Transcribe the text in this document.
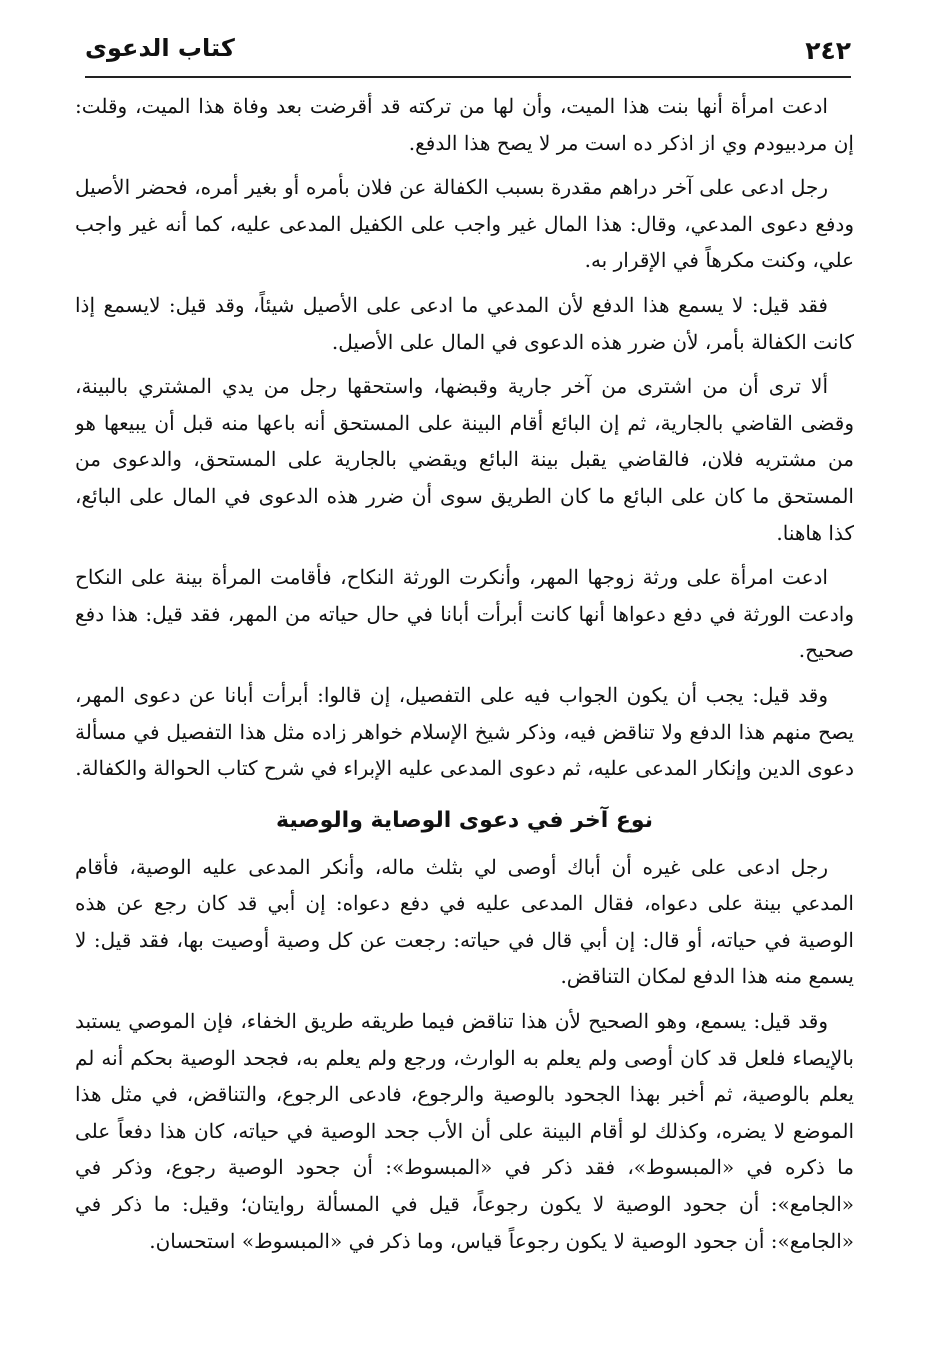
٢٤٢
كتاب الدعوى

ادعت امرأة أنها بنت هذا الميت، وأن لها من تركته قد أقرضت بعد وفاة هذا الميت، وقلت: إن مردبيودم وي از اذكر ده است مر لا يصح هذا الدفع.

رجل ادعى على آخر دراهم مقدرة بسبب الكفالة عن فلان بأمره أو بغير أمره، فحضر الأصيل ودفع دعوى المدعي، وقال: هذا المال غير واجب على الكفيل المدعى عليه، كما أنه غير واجب علي، وكنت مكرهاً في الإقرار به.

فقد قيل: لا يسمع هذا الدفع لأن المدعي ما ادعى على الأصيل شيئاً، وقد قيل: لايسمع إذا كانت الكفالة بأمر، لأن ضرر هذه الدعوى في المال على الأصيل.

ألا ترى أن من اشترى من آخر جارية وقبضها، واستحقها رجل من يدي المشتري بالبينة، وقضى القاضي بالجارية، ثم إن البائع أقام البينة على المستحق أنه باعها منه قبل أن يبيعها هو من مشتريه فلان، فالقاضي يقبل بينة البائع ويقضي بالجارية على المستحق، والدعوى من المستحق ما كان على البائع ما كان الطريق سوى أن ضرر هذه الدعوى في المال على البائع، كذا هاهنا.

ادعت امرأة على ورثة زوجها المهر، وأنكرت الورثة النكاح، فأقامت المرأة بينة على النكاح وادعت الورثة في دفع دعواها أنها كانت أبرأت أبانا في حال حياته من المهر، فقد قيل: هذا دفع صحيح.

وقد قيل: يجب أن يكون الجواب فيه على التفصيل، إن قالوا: أبرأت أبانا عن دعوى المهر، يصح منهم هذا الدفع ولا تناقض فيه، وذكر شيخ الإسلام خواهر زاده مثل هذا التفصيل في مسألة دعوى الدين وإنكار المدعى عليه، ثم دعوى المدعى عليه الإبراء في شرح كتاب الحوالة والكفالة.

نوع آخر في دعوى الوصاية والوصية

رجل ادعى على غيره أن أباك أوصى لي بثلث ماله، وأنكر المدعى عليه الوصية، فأقام المدعي بينة على دعواه، فقال المدعى عليه في دفع دعواه: إن أبي قد كان رجع عن هذه الوصية في حياته، أو قال: إن أبي قال في حياته: رجعت عن كل وصية أوصيت بها، فقد قيل: لا يسمع منه هذا الدفع لمكان التناقض.

وقد قيل: يسمع، وهو الصحيح لأن هذا تناقض فيما طريقه طريق الخفاء، فإن الموصي يستبد بالإيصاء فلعل قد كان أوصى ولم يعلم به الوارث، ورجع ولم يعلم به، فجحد الوصية بحكم أنه لم يعلم بالوصية، ثم أخبر بهذا الجحود بالوصية والرجوع، فادعى الرجوع، والتناقض، في مثل هذا الموضع لا يضره، وكذلك لو أقام البينة على أن الأب جحد الوصية في حياته، كان هذا دفعاً على ما ذكره في «المبسوط»، فقد ذكر في «المبسوط»: أن جحود الوصية رجوع، وذكر في «الجامع»: أن جحود الوصية لا يكون رجوعاً، قيل في المسألة روايتان؛ وقيل: ما ذكر في «الجامع»: أن جحود الوصية لا يكون رجوعاً قياس، وما ذكر في «المبسوط» استحسان.
